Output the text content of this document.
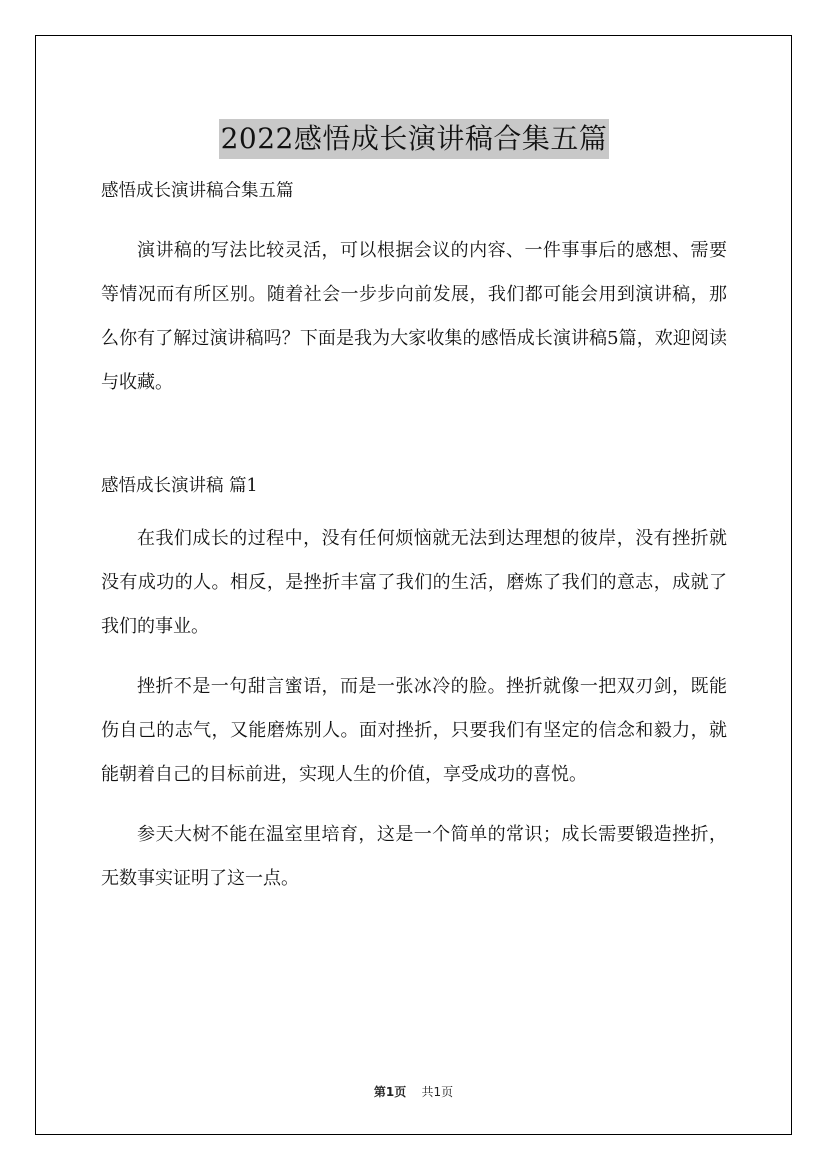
2022感悟成长演讲稿合集五篇
感悟成长演讲稿合集五篇

演讲稿的写法比较灵活，可以根据会议的内容、一件事事后的感想、需要等情况而有所区别。随着社会一步步向前发展，我们都可能会用到演讲稿，那么你有了解过演讲稿吗？下面是我为大家收集的感悟成长演讲稿5篇，欢迎阅读与收藏。

感悟成长演讲稿 篇1

在我们成长的过程中，没有任何烦恼就无法到达理想的彼岸，没有挫折就没有成功的人。相反，是挫折丰富了我们的生活，磨炼了我们的意志，成就了我们的事业。

挫折不是一句甜言蜜语，而是一张冰冷的脸。挫折就像一把双刃剑，既能伤自己的志气，又能磨炼别人。面对挫折，只要我们有坚定的信念和毅力，就能朝着自己的目标前进，实现人生的价值，享受成功的喜悦。

参天大树不能在温室里培育，这是一个简单的常识；成长需要锻造挫折，无数事实证明了这一点。

第1页 共1页
